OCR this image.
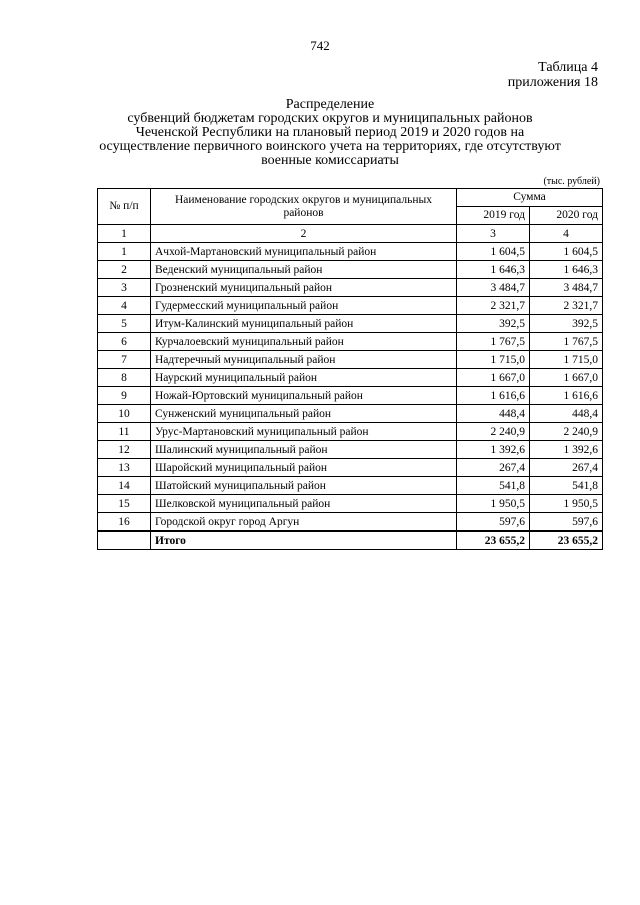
742
Таблица 4
приложения 18
Распределение
субвенций бюджетам городских округов и муниципальных районов
Чеченской Республики на плановый период 2019 и 2020 годов на
осуществление первичного воинского учета на территориях, где отсутствуют
военные комиссариаты
(тыс. рублей)
№ п/п	Наименование городских округов и муниципальных районов	Сумма	
		2019 год	2020 год
1	2	3	4
1	Ачхой-Мартановский муниципальный район	1 604,5	1 604,5
2	Веденский муниципальный район	1 646,3	1 646,3
3	Грозненский муниципальный район	3 484,7	3 484,7
4	Гудермесский муниципальный район	2 321,7	2 321,7
5	Итум-Калинский муниципальный район	392,5	392,5
6	Курчалоевский муниципальный район	1 767,5	1 767,5
7	Надтеречный муниципальный район	1 715,0	1 715,0
8	Наурский муниципальный район	1 667,0	1 667,0
9	Ножай-Юртовский муниципальный район	1 616,6	1 616,6
10	Сунженский муниципальный район	448,4	448,4
11	Урус-Мартановский муниципальный район	2 240,9	2 240,9
12	Шалинский муниципальный район	1 392,6	1 392,6
13	Шаройский муниципальный район	267,4	267,4
14	Шатойский муниципальный район	541,8	541,8
15	Шелковской муниципальный район	1 950,5	1 950,5
16	Городской округ город Аргун	597,6	597,6
	Итого	23 655,2	23 655,2
